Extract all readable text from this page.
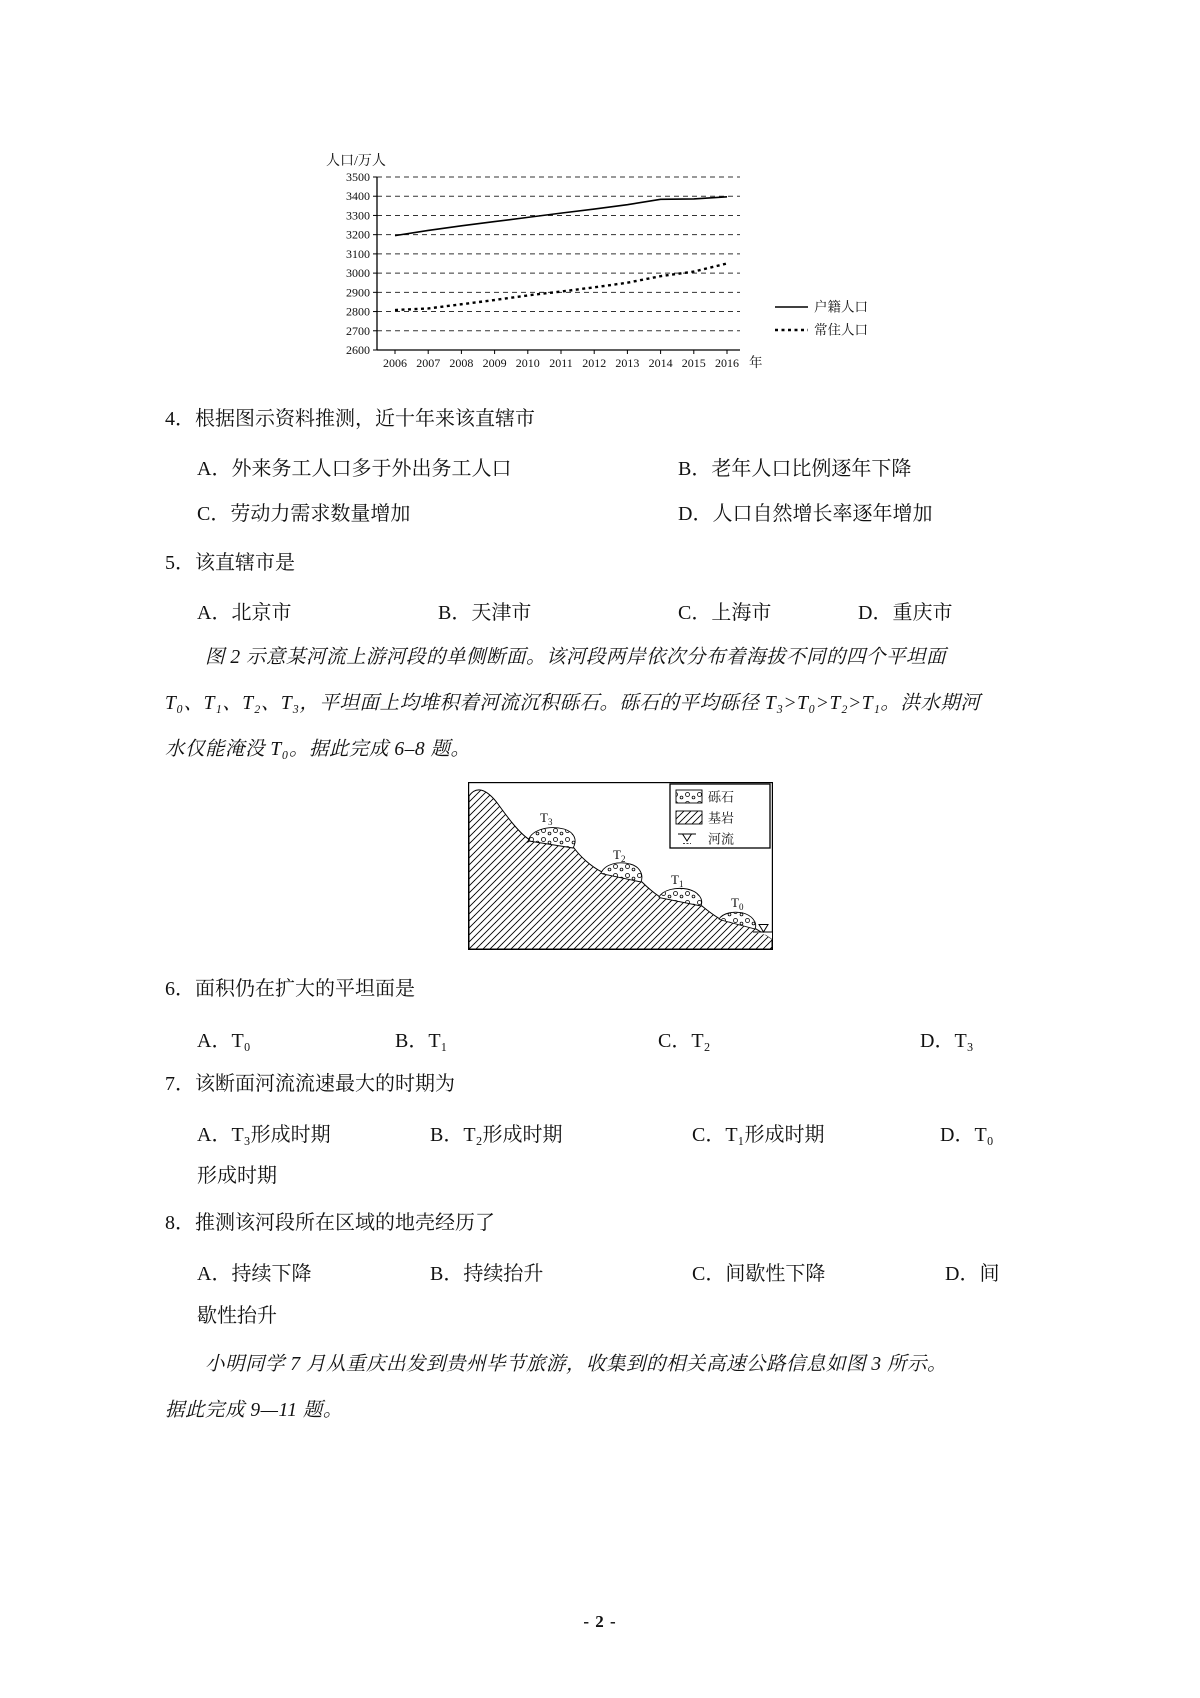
人口/万人
2600
2700
2800
2900
3000
3100
3200
3300
3400
3500
2006 2007 2008 2009 2010 2011 2012 2013 2014 2015 2016 年
户籍人口
常住人口
4．根据图示资料推测，近十年来该直辖市
A．外来务工人口多于外出务工人口	B．老年人口比例逐年下降
C．劳动力需求数量增加	D．人口自然增长率逐年增加
5．该直辖市是
A．北京市	B．天津市	C．上海市	D．重庆市
图 2 示意某河流上游河段的单侧断面。该河段两岸依次分布着海拔不同的四个平坦面
T₀、T₁、T₂、T₃，平坦面上均堆积着河流沉积砾石。砾石的平均砾径 T₃>T₀>T₂>T₁。洪水期河
水仅能淹没 T₀。据此完成 6–8 题。
$T_3$
$T_2$
$T_1$
$T_0$
砾石
基岩
河流
6．面积仍在扩大的平坦面是
A．T₀	B．T₁	C．T₂	D．T₃
7．该断面河流流速最大的时期为
A．T₃形成时期	B．T₂形成时期	C．T₁形成时期	D．T₀
形成时期
8．推测该河段所在区域的地壳经历了
A．持续下降	B．持续抬升	C．间歇性下降	D．间
歇性抬升
小明同学 7 月从重庆出发到贵州毕节旅游，收集到的相关高速公路信息如图 3 所示。
据此完成 9—11 题。
- 2 -
